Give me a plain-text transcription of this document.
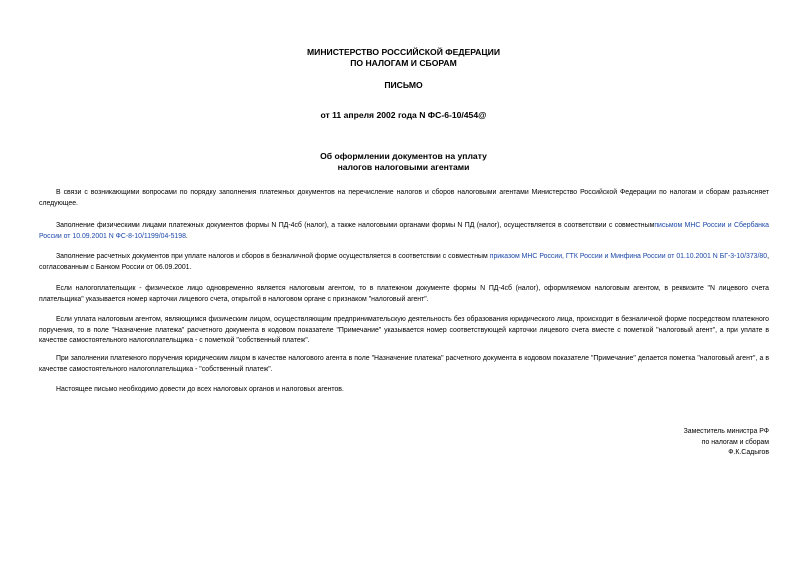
МИНИСТЕРСТВО РОССИЙСКОЙ ФЕДЕРАЦИИ
ПО НАЛОГАМ И СБОРАМ
ПИСЬМО
от 11 апреля 2002 года N ФС-6-10/454@
Об оформлении документов на уплату
налогов налоговыми агентами
В связи с возникающими вопросами по порядку заполнения платежных документов на перечисление налогов и сборов налоговыми агентами Министерство Российской Федерации по налогам и сборам разъясняет следующее.
Заполнение физическими лицами платежных документов формы N ПД-4сб (налог), а также налоговыми органами формы N ПД (налог), осуществляется в соответствии с совместнымписьмом МНС России и Сбербанка России от 10.09.2001 N ФС-8-10/1199/04-5198.
Заполнение расчетных документов при уплате налогов и сборов в безналичной форме осуществляется в соответствии с совместным приказом МНС России, ГТК России и Минфина России от 01.10.2001 N БГ-3-10/373/80, согласованным с Банком России от 06.09.2001.
Если налогоплательщик - физическое лицо одновременно является налоговым агентом, то в платежном документе формы N ПД-4сб (налог), оформляемом налоговым агентом, в реквизите "N лицевого счета плательщика" указывается номер карточки лицевого счета, открытой в налоговом органе с признаком "налоговый агент".
Если уплата налоговым агентом, являющимся физическим лицом, осуществляющим предпринимательскую деятельность без образования юридического лица, происходит в безналичной форме посредством платежного поручения, то в поле "Назначение платежа" расчетного документа в кодовом показателе "Примечание" указывается номер соответствующей карточки лицевого счета вместе с пометкой "налоговый агент", а при уплате в качестве самостоятельного налогоплательщика - с пометкой "собственный платеж".
При заполнении платежного поручения юридическим лицом в качестве налогового агента в поле "Назначение платежа" расчетного документа в кодовом показателе "Примечание" делается пометка "налоговый агент", а в качестве самостоятельного налогоплательщика - "собственный платеж".
Настоящее письмо необходимо довести до всех налоговых органов и налоговых агентов.
Заместитель министра РФ
по налогам и сборам
Ф.К.Садыгов
